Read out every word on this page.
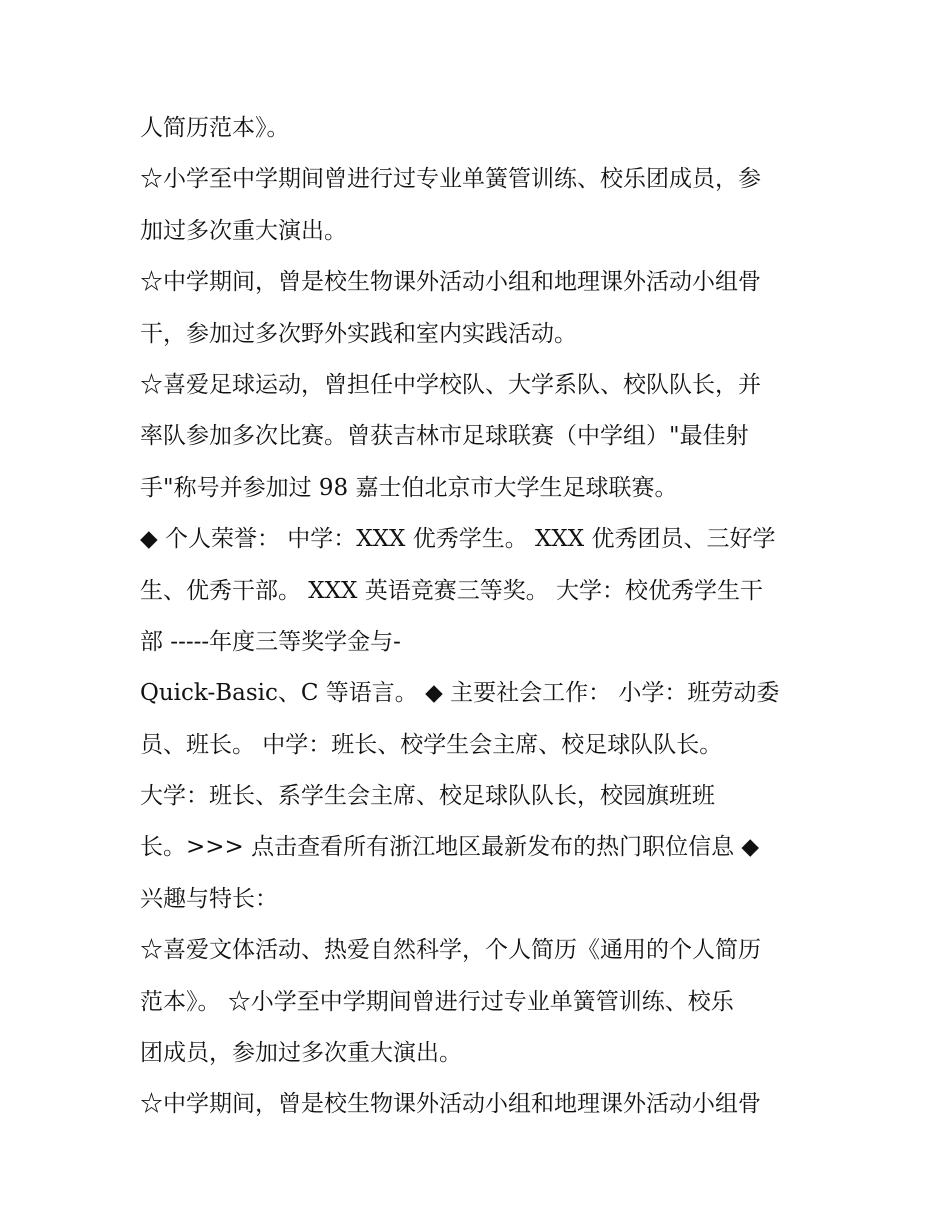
人简历范本》。
☆小学至中学期间曾进行过专业单簧管训练、校乐团成员，参
加过多次重大演出。
☆中学期间，曾是校生物课外活动小组和地理课外活动小组骨
干，参加过多次野外实践和室内实践活动。
☆喜爱足球运动，曾担任中学校队、大学系队、校队队长，并
率队参加多次比赛。曾获吉林市足球联赛（中学组）"最佳射
手"称号并参加过 98 嘉士伯北京市大学生足球联赛。
◆ 个人荣誉： 中学：XXX 优秀学生。 XXX 优秀团员、三好学
生、优秀干部。 XXX 英语竞赛三等奖。 大学：校优秀学生干
部 -----年度三等奖学金与-
Quick-Basic、C 等语言。 ◆ 主要社会工作： 小学：班劳动委
员、班长。 中学：班长、校学生会主席、校足球队队长。
大学：班长、系学生会主席、校足球队队长，校园旗班班
长。>>> 点击查看所有浙江地区最新发布的热门职位信息 ◆
兴趣与特长：
☆喜爱文体活动、热爱自然科学，个人简历《通用的个人简历
范本》。 ☆小学至中学期间曾进行过专业单簧管训练、校乐
团成员，参加过多次重大演出。
☆中学期间，曾是校生物课外活动小组和地理课外活动小组骨
